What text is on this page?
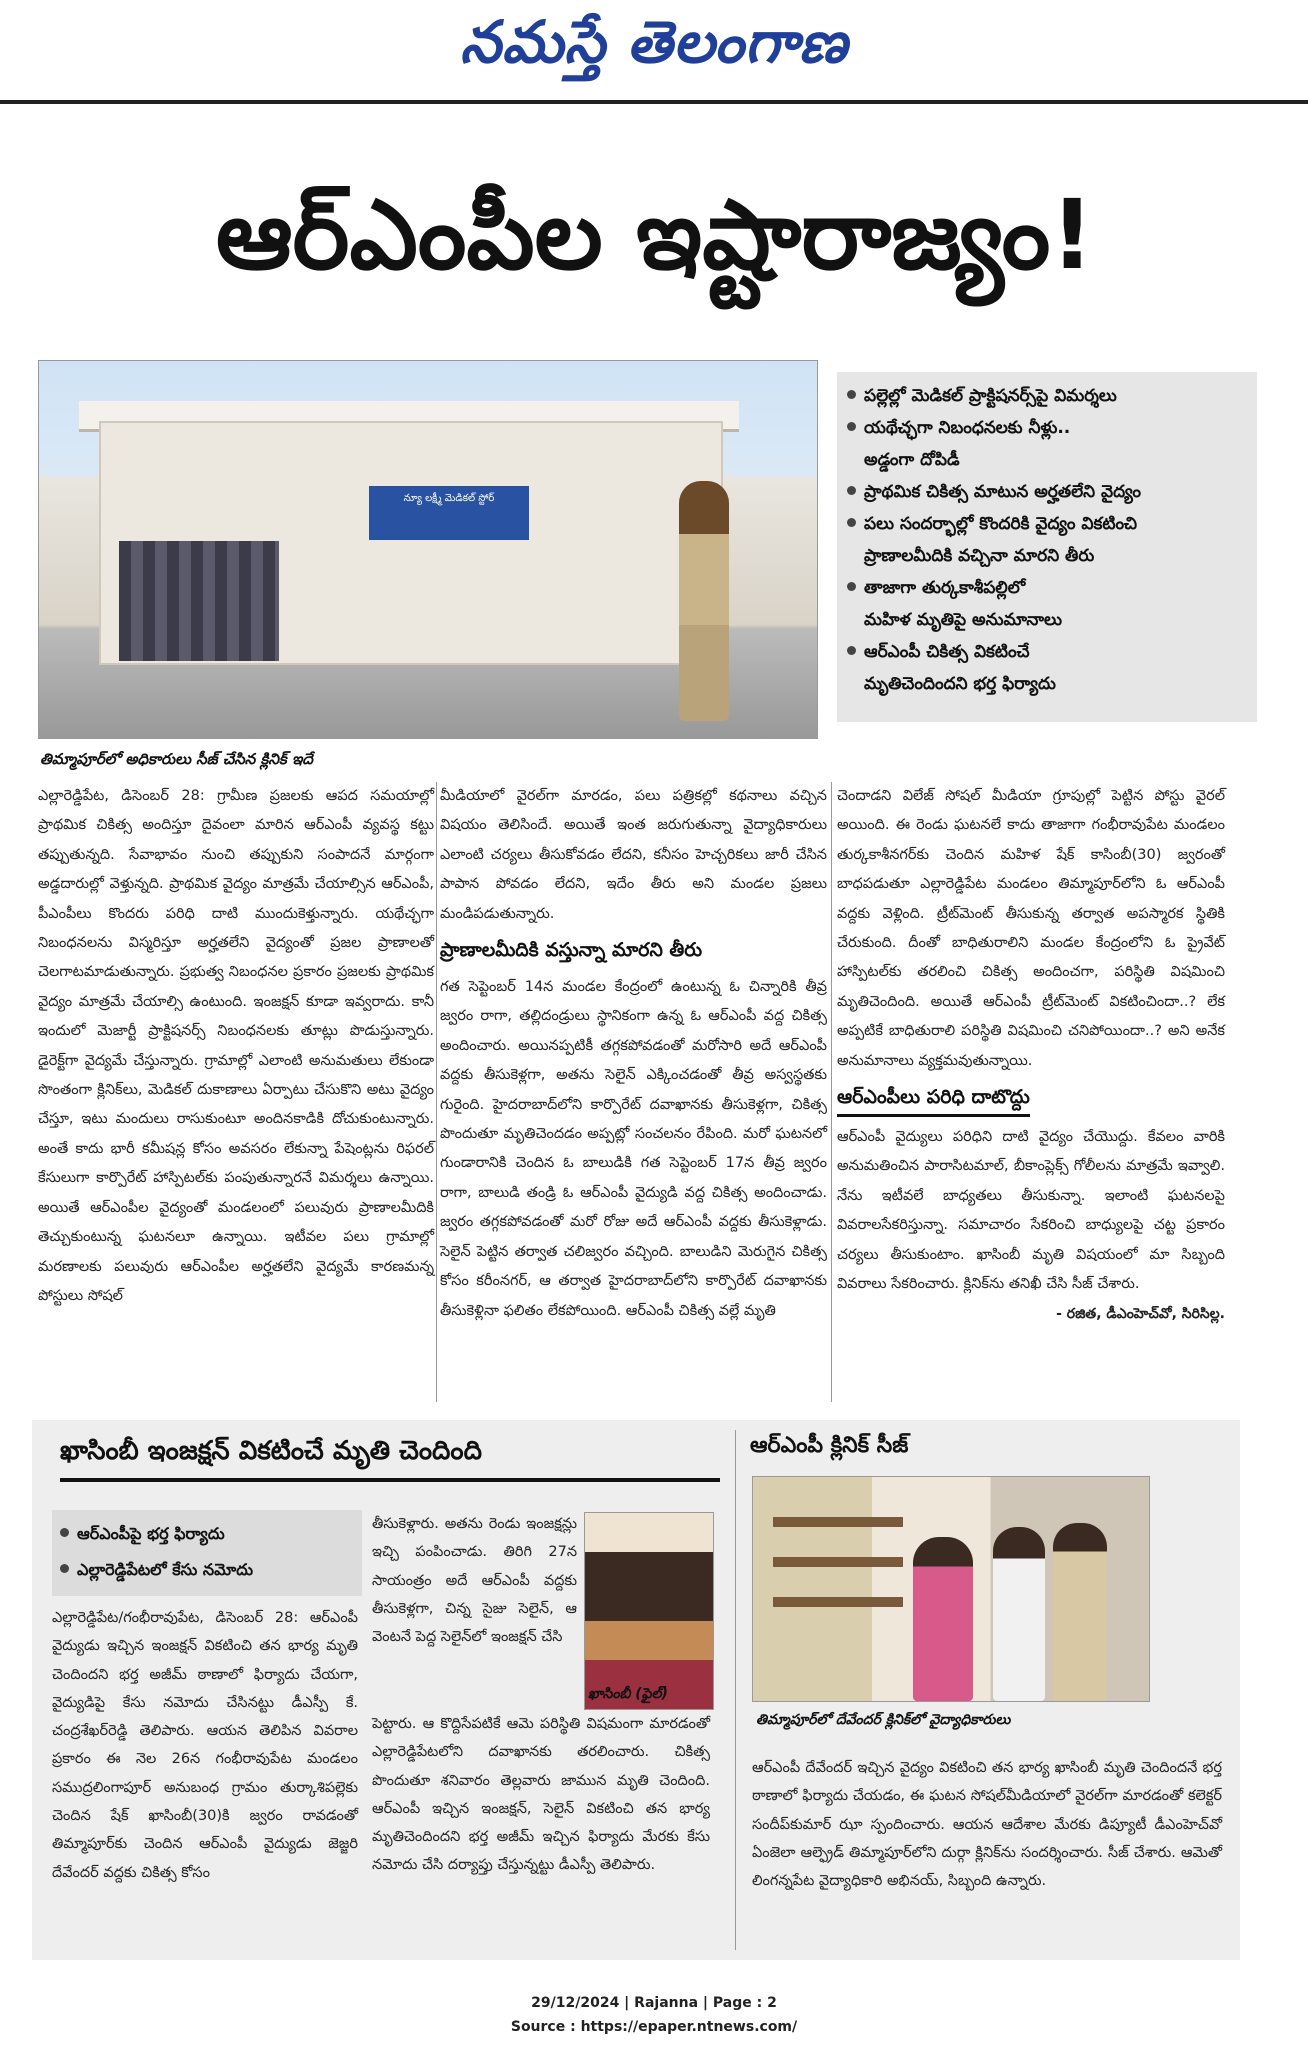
నమస్తే తెలంగాణ
ఆర్‌ఎంపీల ఇష్టారాజ్యం!
న్యూ లక్ష్మీ మెడికల్ స్టోర్
తిమ్మాపూర్‌లో అధికారులు సీజ్ చేసిన క్లినిక్ ఇదే
పల్లెల్లో మెడికల్ ప్రాక్టిషనర్స్‌పై విమర్శలు
యథేచ్ఛగా నిబంధనలకు నీళ్లు..
అడ్డంగా దోపిడీ
ప్రాథమిక చికిత్స మాటున అర్హతలేని వైద్యం
పలు సందర్భాల్లో కొందరికి వైద్యం వికటించి
ప్రాణాలమీదికి వచ్చినా మారని తీరు
తాజాగా తుర్కకాశీపల్లిలో
మహిళ మృతిపై అనుమానాలు
ఆర్‌ఎంపీ చికిత్స వికటించే
మృతిచెందిందని భర్త ఫిర్యాదు

ఎల్లారెడ్డిపేట, డిసెంబర్ 28: గ్రామీణ ప్రజలకు ఆపద సమయాల్లో ప్రాథమిక చికిత్స అందిస్తూ దైవంలా మారిన ఆర్‌ఎంపీ వ్యవస్థ కట్టు తప్పుతున్నది. సేవాభావం నుంచి తప్పుకుని సంపాదనే మార్గంగా అడ్డదారుల్లో వెళ్తున్నది. ప్రాథమిక వైద్యం మాత్రమే చేయాల్సిన ఆర్‌ఎంపీ, పీఎంపీలు కొందరు పరిధి దాటి ముందుకెళ్తున్నారు. యథేచ్ఛగా నిబంధనలను విస్మరిస్తూ అర్హతలేని వైద్యంతో ప్రజల ప్రాణాలతో చెలగాటమాడుతున్నారు. ప్రభుత్వ నిబంధనల ప్రకారం ప్రజలకు ప్రాథమిక వైద్యం మాత్రమే చేయాల్సి ఉంటుంది. ఇంజక్షన్ కూడా ఇవ్వరాదు. కానీ ఇందులో మెజార్టీ ప్రాక్టిషనర్స్ నిబంధనలకు తూట్లు పొడుస్తున్నారు. డైరెక్ట్‌గా వైద్యమే చేస్తున్నారు. గ్రామాల్లో ఎలాంటి అనుమతులు లేకుండా సొంతంగా క్లినిక్‌లు, మెడికల్ దుకాణాలు ఏర్పాటు చేసుకొని అటు వైద్యం చేస్తూ, ఇటు మందులు రాసుకుంటూ అందినకాడికి దోచుకుంటున్నారు. అంతే కాదు భారీ కమీషన్ల కోసం అవసరం లేకున్నా పేషెంట్లను రిఫరల్ కేసులుగా కార్పొరేట్ హాస్పిటల్‌కు పంపుతున్నారనే విమర్శలు ఉన్నాయి. అయితే ఆర్‌ఎంపీల వైద్యంతో మండలంలో పలువురు ప్రాణాలమీదికి తెచ్చుకుంటున్న ఘటనలూ ఉన్నాయి. ఇటీవల పలు గ్రామాల్లో మరణాలకు పలువురు ఆర్‌ఎంపీల అర్హతలేని వైద్యమే కారణమన్న పోస్టులు సోషల్

మీడియాలో వైరల్‌గా మారడం, పలు పత్రికల్లో కథనాలు వచ్చిన విషయం తెలిసిందే. అయితే ఇంత జరుగుతున్నా వైద్యాధికారులు ఎలాంటి చర్యలు తీసుకోవడం లేదని, కనీసం హెచ్చరికలు జారీ చేసిన పాపాన పోవడం లేదని, ఇదేం తీరు అని మండల ప్రజలు మండిపడుతున్నారు.

ప్రాణాలమీదికి వస్తున్నా మారని తీరు

గత సెప్టెంబర్ 14న మండల కేంద్రంలో ఉంటున్న ఓ చిన్నారికి తీవ్ర జ్వరం రాగా, తల్లిదండ్రులు స్థానికంగా ఉన్న ఓ ఆర్‌ఎంపీ వద్ద చికిత్స అందించారు. అయినప్పటికీ తగ్గకపోవడంతో మరోసారి అదే ఆర్‌ఎంపీ వద్దకు తీసుకెళ్లగా, అతను సెలైన్ ఎక్కించడంతో తీవ్ర అస్వస్థతకు గురైంది. హైదరాబాద్‌లోని కార్పొరేట్ దవాఖానకు తీసుకెళ్లగా, చికిత్స పొందుతూ మృతిచెందడం అప్పట్లో సంచలనం రేపింది. మరో ఘటనలో గుండారానికి చెందిన ఓ బాలుడికి గత సెప్టెంబర్ 17న తీవ్ర జ్వరం రాగా, బాలుడి తండ్రి ఓ ఆర్‌ఎంపీ వైద్యుడి వద్ద చికిత్స అందించాడు. జ్వరం తగ్గకపోవడంతో మరో రోజు అదే ఆర్‌ఎంపీ వద్దకు తీసుకెళ్లాడు. సెలైన్ పెట్టిన తర్వాత చలిజ్వరం వచ్చింది. బాలుడిని మెరుగైన చికిత్స కోసం కరీంనగర్, ఆ తర్వాత హైదరాబాద్‌లోని కార్పొరేట్ దవాఖానకు తీసుకెళ్లినా ఫలితం లేకపోయింది. ఆర్‌ఎంపీ చికిత్స వల్లే మృతి

చెందాడని విలేజ్ సోషల్ మీడియా గ్రూపుల్లో పెట్టిన పోస్టు వైరల్ అయింది. ఈ రెండు ఘటనలే కాదు తాజాగా గంభీరావుపేట మండలం తుర్కకాశీనగర్‌కు చెందిన మహిళ షేక్ కాసింబీ(30) జ్వరంతో బాధపడుతూ ఎల్లారెడ్డిపేట మండలం తిమ్మాపూర్‌లోని ఓ ఆర్‌ఎంపీ వద్దకు వెళ్లింది. ట్రీట్‌మెంట్ తీసుకున్న తర్వాత అపస్మారక స్థితికి చేరుకుంది. దీంతో బాధితురాలిని మండల కేంద్రంలోని ఓ ప్రైవేట్ హాస్పిటల్‌కు తరలించి చికిత్స అందించగా, పరిస్థితి విషమించి మృతిచెందింది. అయితే ఆర్‌ఎంపీ ట్రీట్‌మెంట్ వికటించిందా..? లేక అప్పటికే బాధితురాలి పరిస్థితి విషమించి చనిపోయిందా..? అని అనేక అనుమానాలు వ్యక్తమవుతున్నాయి.

ఆర్‌ఎంపీలు పరిధి దాటొద్దు

ఆర్‌ఎంపీ వైద్యులు పరిధిని దాటి వైద్యం చేయొద్దు. కేవలం వారికి అనుమతించిన పారాసిటమాల్, బీకాంప్లెక్స్ గోలీలను మాత్రమే ఇవ్వాలి. నేను ఇటీవలే బాధ్యతలు తీసుకున్నా. ఇలాంటి ఘటనలపై వివరాలసేకరిస్తున్నా. సమాచారం సేకరించి బాధ్యులపై చట్ట ప్రకారం చర్యలు తీసుకుంటాం. ఖాసింబీ మృతి విషయంలో మా సిబ్బంది వివరాలు సేకరించారు. క్లినిక్‌ను తనిఖీ చేసి సీజ్ చేశారు.

- రజిత, డీఎంహెచ్‌వో, సిరిసిల్ల.

ఖాసింబీ ఇంజక్షన్ వికటించే మృతి చెందింది
ఆర్‌ఎంపీపై భర్త ఫిర్యాదు
ఎల్లారెడ్డిపేటలో కేసు నమోదు
ఎల్లారెడ్డిపేట/గంభీరావుపేట, డిసెంబర్ 28: ఆర్‌ఎంపీ వైద్యుడు ఇచ్చిన ఇంజక్షన్ వికటించి తన భార్య మృతి చెందిందని భర్త అజీమ్ ఠాణాలో ఫిర్యాదు చేయగా, వైద్యుడిపై కేసు నమోదు చేసినట్టు డీఎస్పీ కే. చంద్రశేఖర్‌రెడ్డి తెలిపారు. ఆయన తెలిపిన వివరాల ప్రకారం ఈ నెల 26న గంభీరావుపేట మండలం సముద్రలింగాపూర్ అనుబంధ గ్రామం తుర్కాశిపల్లెకు చెందిన షేక్ ఖాసింబీ(30)కి జ్వరం రావడంతో తిమ్మాపూర్‌కు చెందిన ఆర్‌ఎంపీ వైద్యుడు జెజ్జరి దేవేందర్ వద్దకు చికిత్స కోసం
తీసుకెళ్లారు. అతను రెండు ఇంజక్షన్లు ఇచ్చి పంపించాడు. తిరిగి 27న సాయంత్రం అదే ఆర్‌ఎంపీ వద్దకు తీసుకెళ్లగా, చిన్న సైజు సెలైన్, ఆ వెంటనే పెద్ద సెలైన్‌లో ఇంజక్షన్ చేసి
ఖాసింబీ (ఫైల్)
పెట్టారు. ఆ కొద్దిసేపటికే ఆమె పరిస్థితి విషమంగా మారడంతో ఎల్లారెడ్డిపేటలోని దవాఖానకు తరలించారు. చికిత్స పొందుతూ శనివారం తెల్లవారు జామున మృతి చెందింది. ఆర్‌ఎంపీ ఇచ్చిన ఇంజక్షన్, సెలైన్ వికటించి తన భార్య మృతిచెందిందని భర్త అజీమ్ ఇచ్చిన ఫిర్యాదు మేరకు కేసు నమోదు చేసి దర్యాప్తు చేస్తున్నట్టు డీఎస్పీ తెలిపారు.
ఆర్‌ఎంపీ క్లినిక్ సీజ్
తిమ్మాపూర్‌లో దేవేందర్ క్లినిక్‌లో వైద్యాధికారులు
ఆర్‌ఎంపీ దేవేందర్ ఇచ్చిన వైద్యం వికటించి తన భార్య ఖాసింబీ మృతి చెందిందనే భర్త ఠాణాలో ఫిర్యాదు చేయడం, ఈ ఘటన సోషల్‌మీడియాలో వైరల్‌గా మారడంతో కలెక్టర్ సందీప్‌కుమార్ ఝా స్పందించారు. ఆయన ఆదేశాల మేరకు డిప్యూటీ డీఎంహెచ్‌వో ఏంజెలా ఆల్ఫ్రెడ్ తిమ్మాపూర్‌లోని దుర్గా క్లినిక్‌ను సందర్శించారు. సీజ్ చేశారు. ఆమెతో లింగన్నపేట వైద్యాధికారి అభినయ్, సిబ్బంది ఉన్నారు.
29/12/2024 | Rajanna | Page : 2
Source : https://epaper.ntnews.com/
